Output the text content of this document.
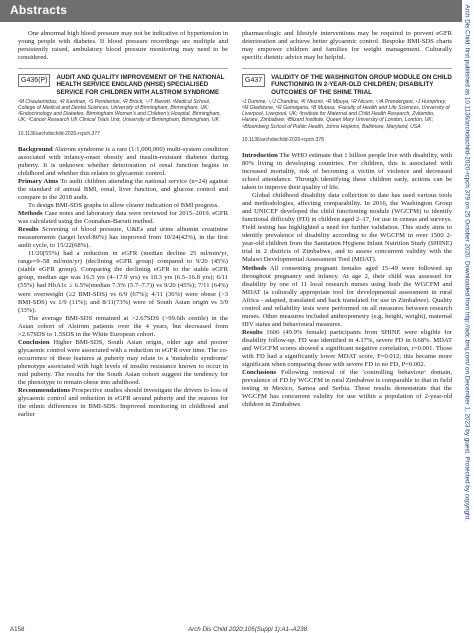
Abstracts	Arch Dis Child: first published as 10.1136/archdischild-2020-rcpch.379 on 25 October 2020. Downloaded from http://adc.bmj.com/ on December 1, 2023 by guest. Protected by copyright.

One abnormal high blood pressure may not be indicative of hypertension in young people with diabetes. If blood pressure recordings are multiple and persistently raised, ambulatory blood pressure monitoring may need to be considered.

G436(P)	AUDIT AND QUALITY IMPROVEMENT OF THE NATIONAL HEALTH SERVICE ENGLAND (NHSE) SPECIALISED SERVICE FOR CHILDREN WITH ALSTROM SYNDROME
¹M Chaularinidas, ¹R Kardnan, ¹S Pemberton, ¹R Brock, ¹,²T Barrett. ¹Medical School, College of Medical and Dental Sciences, University of Birmingham, Birmingham, UK; ²Endocrinology and Diabetes, Birmingham Women's and Children's Hospital, Birmingham, UK; ³Cancer Research UK Clinical Trials Unit, University of Birmingham, Birmingham, UK
10.1136/archdischild-2020-rcpch.377

Background Alstrom syndrome is a rare (1:1,000,000) multi-system condition associated with infancy-onset obesity and insulin-resistant diabetes during puberty. It is unknown whether deterioration of renal function begins in childhood and whether this relates to glycaemic control.

Primary Aims To audit children attending the national service (n=24) against the standard of annual BMI, renal, liver function, and glucose control and compare to the 2018 audit.

To design BMI-SDS graphs to allow clearer indication of BMI progress.

Methods Case notes and laboratory data were reviewed for 2015–2019. eGFR was calculated using the Counahan-Barratt method.

Results Screening of blood pressure, U&Es and urine albumin creatinine measurements (target level:80%) has improved from 10/24(42%), in the first audit cycle, to 15/22(68%).

11/20(55%) had a reduction in eGFR (median decline 25 ml/min/yr, range=9–58 ml/min/yr) (declining eGFR group) compared to 9/20 (45%) (stable eGFR group). Comparing the declining eGFR to the stable eGFR group, median age was 16.5 yrs (4–17.9 yrs) vs 10.3 yrs (6.5–16.8 yrs); 6/11 (55%) had HbA1c ≥ 6.5%(median 7.3% (5.7–7.7)) vs 9/20 (45%); 7/11 (64%) were overweight (≥2 BMI-SDS) vs 6/9 (67%); 4/11 (36%) were obese (>3 BMI-SDS) vs 1/9 (11%); and 8/11(73%) were of South Asian origin vs 3/9 (33%).

The average BMI-SDS remained at >2.67SDS (>99.6th centile) in the Asian cohort of Alstrom patients over the 4 years, but decreased from >2.67SDS to 1.5SDS in the White European cohort.

Conclusion Higher BMI-SDS, South Asian origin, older age and poorer glycaemic control were associated with a reduction in eGFR over time. The co-occurrence of these features at puberty may relate to a 'metabolic syndrome' phenotype associated with high levels of insulin resistance known to occur in mid puberty. The results for the South Asian cohort suggest the tendency for the phenotype to remain obese into adulthood.

Recommendations Prospective studies should investigate the drivers to loss of glycaemic control and reduction in eGFR around puberty and the reasons for the ethnic differences in BMI-SDS. Improved monitoring in childhood and earlier

pharmacologic and lifestyle interventions may be required to prevent eGFR deterioration and achieve better glycaemic control. Bespoke BMI-SDS charts may empower children and families for weight management. Culturally specific dietetic advice may be helpful.

G437	VALIDITY OF THE WASHINGTON GROUP MODULE ON CHILD FUNCTIONING IN 2-YEAR-OLD CHILDREN; DISABILITY OUTCOMES OF THE SHINE TRIAL
¹J Dumme, ¹,²J Chandna, ³K Ntozini, ⁴R Mbuya, ⁵R Nicum, ¹,²A Prendergast, ⁴J Humphrey, ⁵M Gladstone, ⁵R Gannigana, ⁶B Mutasa. ¹Faculty of Health and Life Sciences, University of Liverpool, Liverpool, UK; ²Institute for Maternal and Child Health Research, Zvitambo, Harare, Zimbabwe; ³Blizard Institute, Queen Mary University of London, London, UK; ⁴Bloomberg School of Public Health, Johns Hopkins, Baltimore, Maryland, USA
10.1136/archdischild-2020-rcpch.378

Introduction The WHO estimate that 1 billion people live with disability, with 80% living in developing countries. For children, this is associated with increased mortality, risk of becoming a victim of violence and decreased school attendance. Through identifying these children early, actions can be taken to improve their quality of life.

Global childhood disability data collection to date has used various tools and methodologies, affecting comparability. In 2016, the Washington Group and UNICEF developed the child functioning module (WGCFM) to identify functional difficulty (FD) in children aged 2–17, for use in census and surveys. Field testing has highlighted a need for further validation. This study aims to identify prevalence of disability according to the WGCFM in over 1500 2-year-old children from the Sanitation Hygiene Infant Nutrition Study (SHINE) trial in 2 districts of Zimbabwe, and to assess concurrent validity with the Malawi Developmental Assessment Tool (MDAT).

Methods All consenting pregnant females aged 15–49 were followed up throughout pregnancy and infancy. At age 2, their child was assessed for disability by one of 11 local research nurses using both the WGCFM and MDAT (a culturally appropriate tool for developmental assessment in rural Africa - adapted, translated and back translated for use in Zimbabwe). Quality control and reliability tests were performed on all measures between research nurses. Other measures included anthropometry (e.g. height, weight), maternal HIV status and behavioural measures.

Results 1606 (49.9% female) participants from SHINE were eligible for disability follow-up. FD was identified in 4.17%, severe FD in 0.68%. MDAT and WGCFM scores showed a significant negative correlation, r=0.001. Those with FD had a significantly lower MDAT score, F=0.012; this became more significant when comparing those with severe FD to no FD, P=0.002.

Conclusions Following removal of the 'controlling behaviour' domain, prevalence of FD by WGCFM in rural Zimbabwe is comparable to that in field testing in Mexico, Samoa and Serbia. These results demonstrate that the WGCFM has concurrent validity for use within a population of 2-year-old children in Zimbabwe.

A158	Arch Dis Child 2020;105(Suppl 1):A1–A238
